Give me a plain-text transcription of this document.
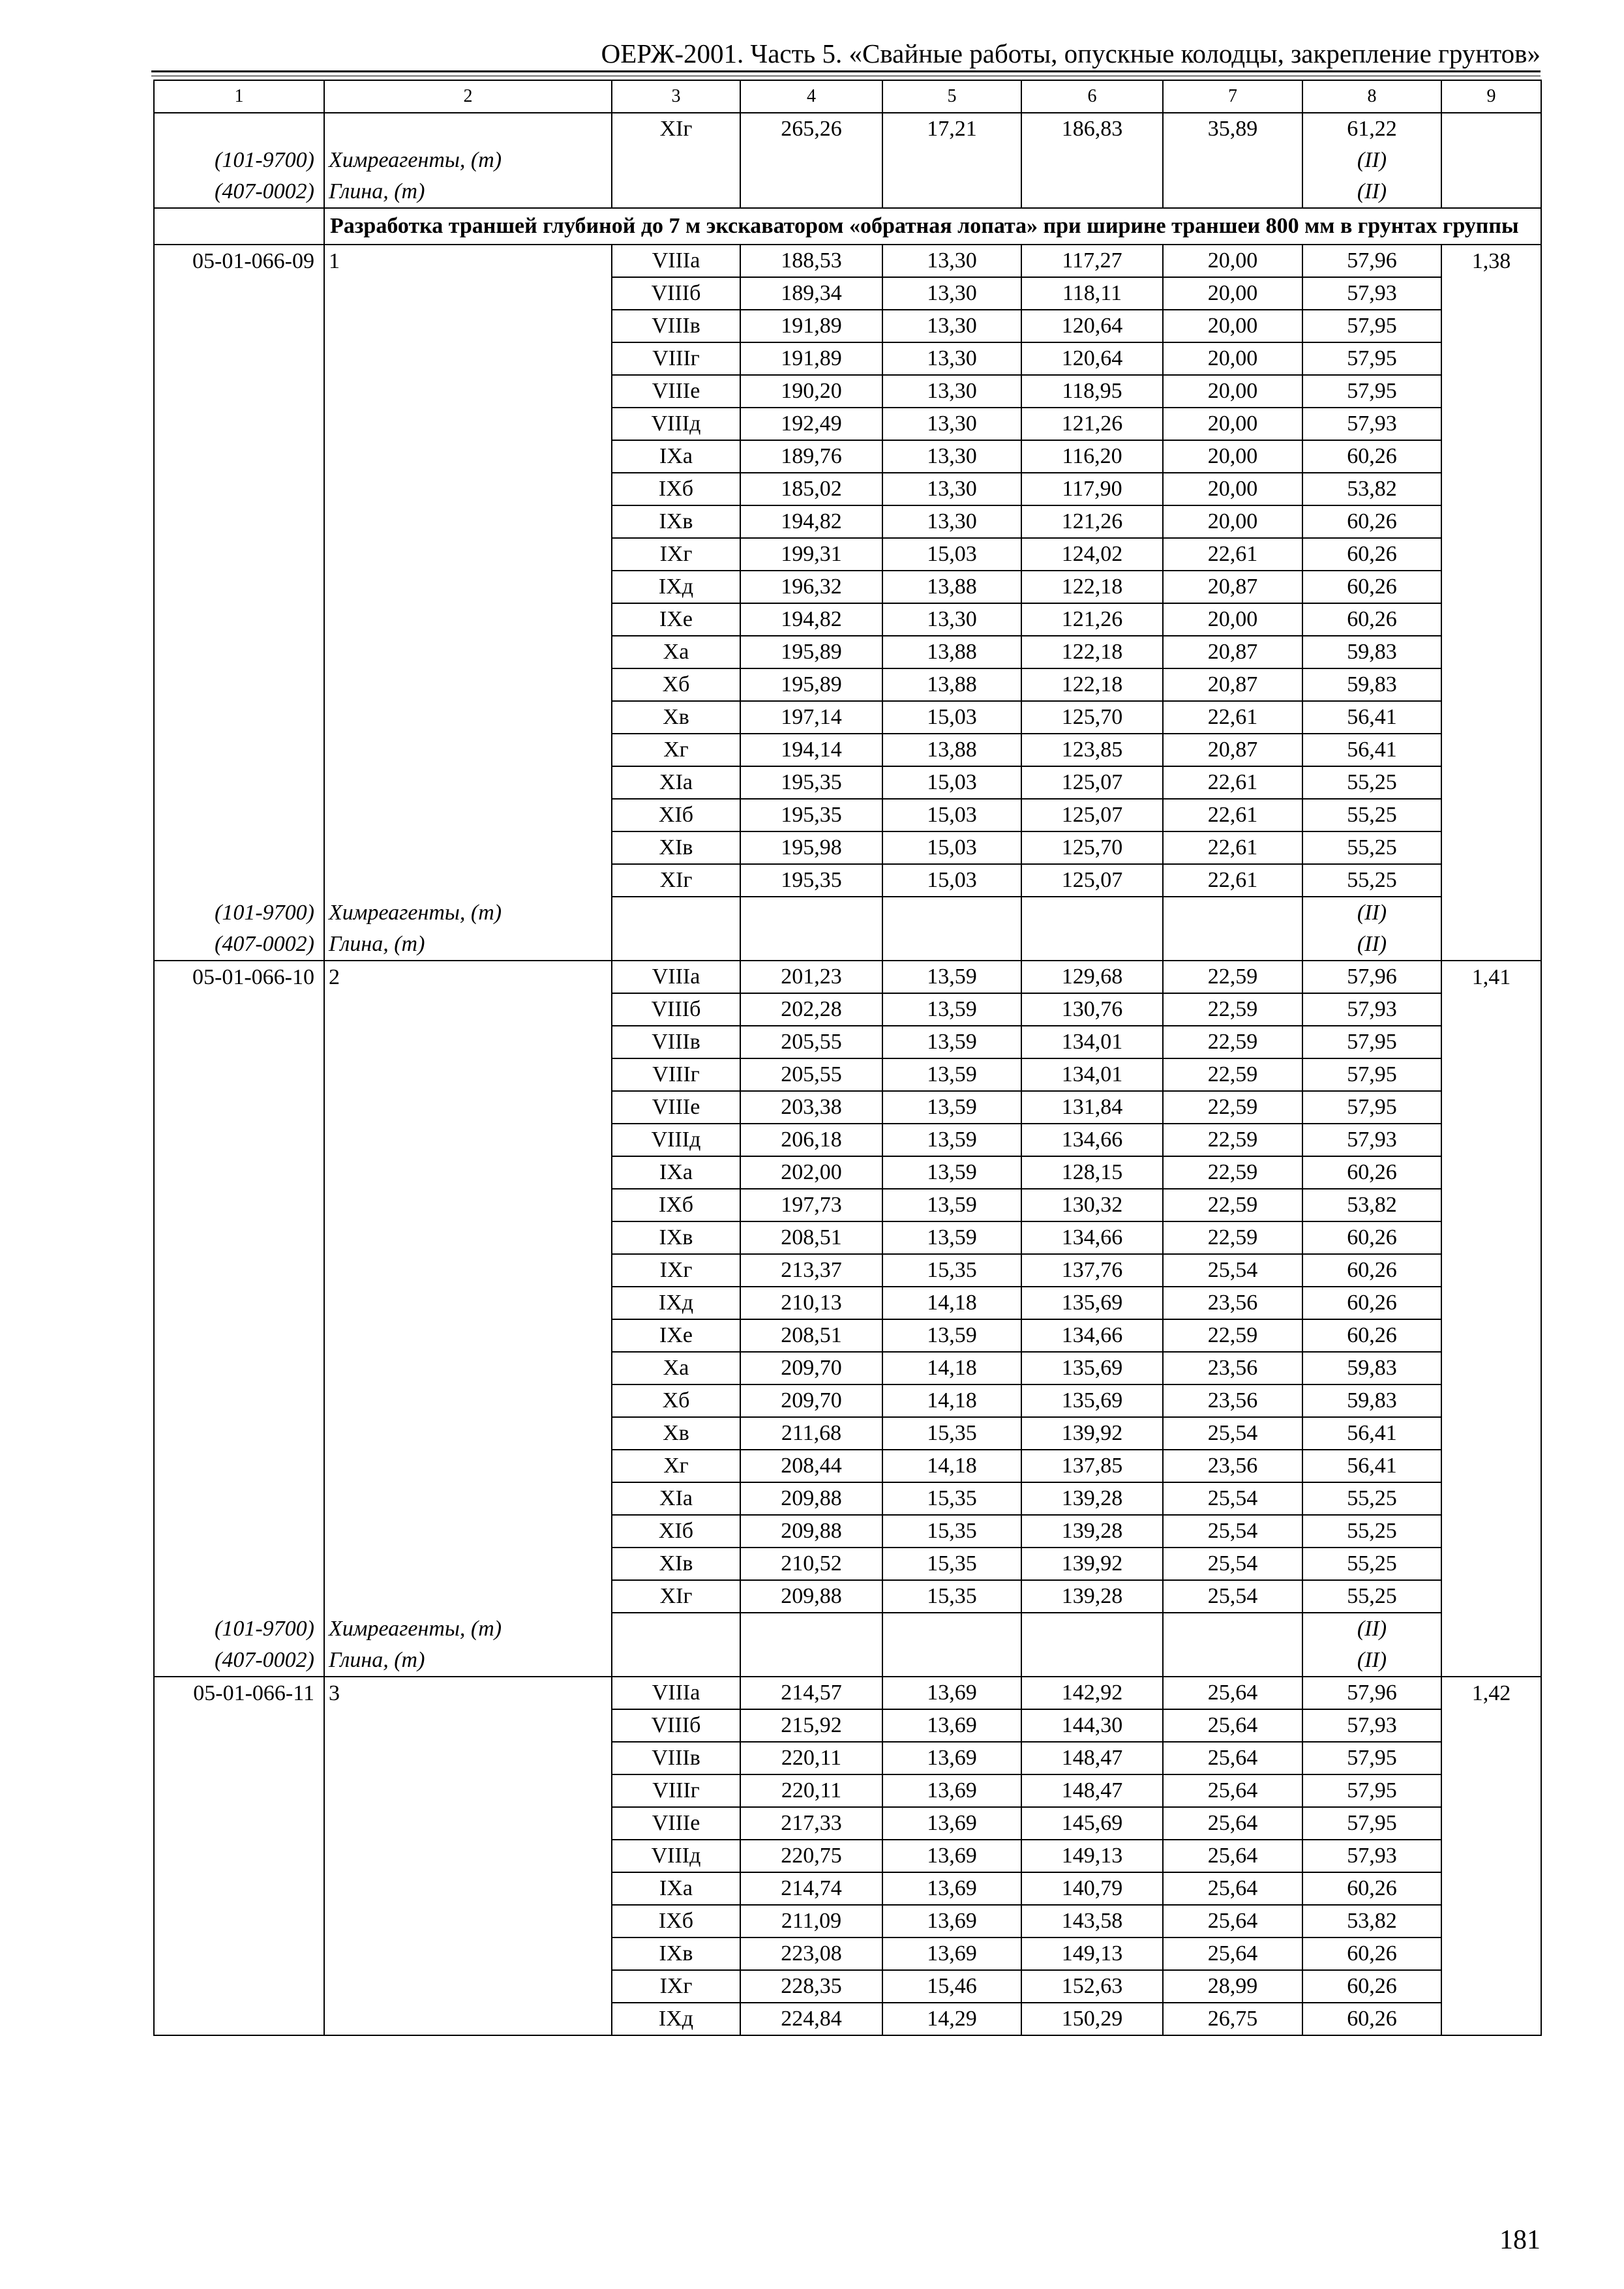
ОЕРЖ-2001. Часть 5. «Свайные работы, опускные колодцы, закрепление грунтов»
1	2	3	4	5	6	7	8	9
		XIг	265,26	17,21	186,83	35,89	61,22	
(101-9700)	Химреагенты, (т)						(II)	
(407-0002)	Глина, (т)						(II)	
	Разработка траншей глубиной до 7 м экскаватором «обратная лопата» при ширине траншеи 800 мм в грунтах группы							
05-01-066-09	1	VIIIа	188,53	13,30	117,27	20,00	57,96	1,38
		VIIIб	189,34	13,30	118,11	20,00	57,93	
		VIIIв	191,89	13,30	120,64	20,00	57,95	
		VIIIг	191,89	13,30	120,64	20,00	57,95	
		VIIIе	190,20	13,30	118,95	20,00	57,95	
		VIIIд	192,49	13,30	121,26	20,00	57,93	
		IXа	189,76	13,30	116,20	20,00	60,26	
		IXб	185,02	13,30	117,90	20,00	53,82	
		IXв	194,82	13,30	121,26	20,00	60,26	
		IXг	199,31	15,03	124,02	22,61	60,26	
		IXд	196,32	13,88	122,18	20,87	60,26	
		IXе	194,82	13,30	121,26	20,00	60,26	
		Xа	195,89	13,88	122,18	20,87	59,83	
		Xб	195,89	13,88	122,18	20,87	59,83	
		Xв	197,14	15,03	125,70	22,61	56,41	
		Xг	194,14	13,88	123,85	20,87	56,41	
		XIа	195,35	15,03	125,07	22,61	55,25	
		XIб	195,35	15,03	125,07	22,61	55,25	
		XIв	195,98	15,03	125,70	22,61	55,25	
		XIг	195,35	15,03	125,07	22,61	55,25	
(101-9700)	Химреагенты, (т)						(II)	
(407-0002)	Глина, (т)						(II)	
05-01-066-10	2	VIIIа	201,23	13,59	129,68	22,59	57,96	1,41
		VIIIб	202,28	13,59	130,76	22,59	57,93	
		VIIIв	205,55	13,59	134,01	22,59	57,95	
		VIIIг	205,55	13,59	134,01	22,59	57,95	
		VIIIе	203,38	13,59	131,84	22,59	57,95	
		VIIIд	206,18	13,59	134,66	22,59	57,93	
		IXа	202,00	13,59	128,15	22,59	60,26	
		IXб	197,73	13,59	130,32	22,59	53,82	
		IXв	208,51	13,59	134,66	22,59	60,26	
		IXг	213,37	15,35	137,76	25,54	60,26	
		IXд	210,13	14,18	135,69	23,56	60,26	
		IXе	208,51	13,59	134,66	22,59	60,26	
		Xа	209,70	14,18	135,69	23,56	59,83	
		Xб	209,70	14,18	135,69	23,56	59,83	
		Xв	211,68	15,35	139,92	25,54	56,41	
		Xг	208,44	14,18	137,85	23,56	56,41	
		XIа	209,88	15,35	139,28	25,54	55,25	
		XIб	209,88	15,35	139,28	25,54	55,25	
		XIв	210,52	15,35	139,92	25,54	55,25	
		XIг	209,88	15,35	139,28	25,54	55,25	
(101-9700)	Химреагенты, (т)						(II)	
(407-0002)	Глина, (т)						(II)	
05-01-066-11	3	VIIIа	214,57	13,69	142,92	25,64	57,96	1,42
		VIIIб	215,92	13,69	144,30	25,64	57,93	
		VIIIв	220,11	13,69	148,47	25,64	57,95	
		VIIIг	220,11	13,69	148,47	25,64	57,95	
		VIIIе	217,33	13,69	145,69	25,64	57,95	
		VIIIд	220,75	13,69	149,13	25,64	57,93	
		IXа	214,74	13,69	140,79	25,64	60,26	
		IXб	211,09	13,69	143,58	25,64	53,82	
		IXв	223,08	13,69	149,13	25,64	60,26	
		IXг	228,35	15,46	152,63	28,99	60,26	
		IXд	224,84	14,29	150,29	26,75	60,26	
181
